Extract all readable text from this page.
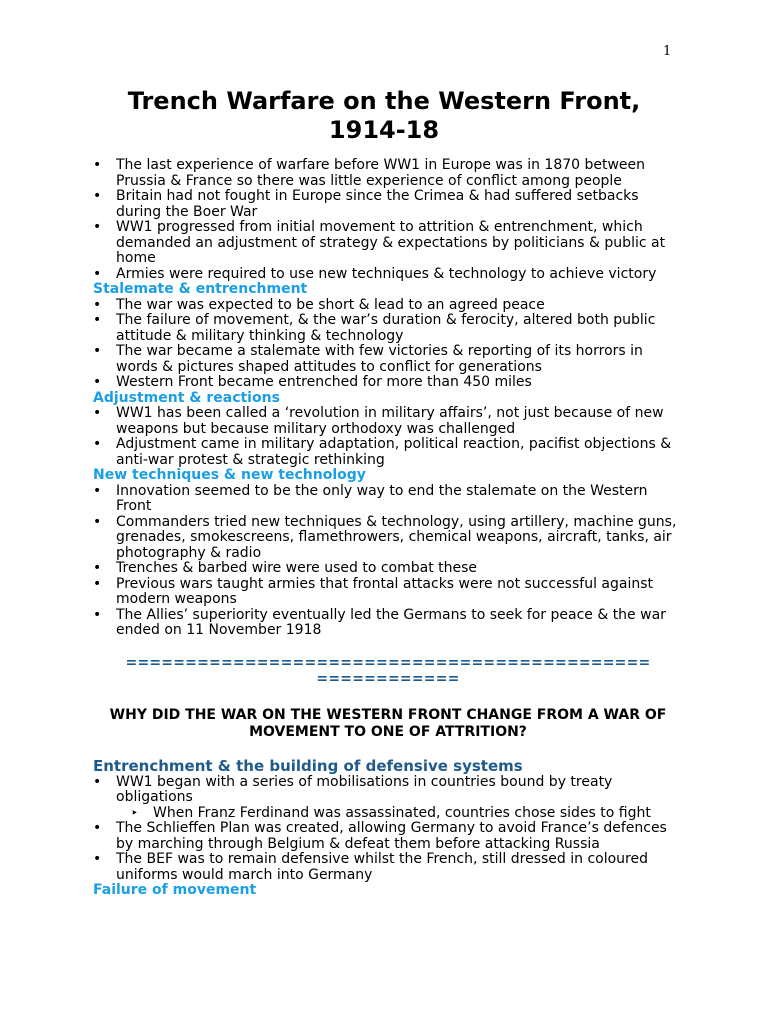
1
Trench Warfare on the Western Front, 1914-18
• The last experience of warfare before WW1 in Europe was in 1870 between Prussia & France so there was little experience of conflict among people
• Britain had not fought in Europe since the Crimea & had suffered setbacks during the Boer War
• WW1 progressed from initial movement to attrition & entrenchment, which demanded an adjustment of strategy & expectations by politicians & public at home
• Armies were required to use new techniques & technology to achieve victory
Stalemate & entrenchment
• The war was expected to be short & lead to an agreed peace
• The failure of movement, & the war’s duration & ferocity, altered both public attitude & military thinking & technology
• The war became a stalemate with few victories & reporting of its horrors in words & pictures shaped attitudes to conflict for generations
• Western Front became entrenched for more than 450 miles
Adjustment & reactions
• WW1 has been called a ‘revolution in military affairs’, not just because of new weapons but because military orthodoxy was challenged
• Adjustment came in military adaptation, political reaction, pacifist objections & anti-war protest & strategic rethinking
New techniques & new technology
• Innovation seemed to be the only way to end the stalemate on the Western Front
• Commanders tried new techniques & technology, using artillery, machine guns, grenades, smokescreens, flamethrowers, chemical weapons, aircraft, tanks, air photography & radio
• Trenches & barbed wire were used to combat these
• Previous wars taught armies that frontal attacks were not successful against modern weapons
• The Allies’ superiority eventually led the Germans to seek for peace & the war ended on 11 November 1918
============================================ ============
WHY DID THE WAR ON THE WESTERN FRONT CHANGE FROM A WAR OF MOVEMENT TO ONE OF ATTRITION?
Entrenchment & the building of defensive systems
• WW1 began with a series of mobilisations in countries bound by treaty obligations
‣ When Franz Ferdinand was assassinated, countries chose sides to fight
• The Schlieffen Plan was created, allowing Germany to avoid France’s defences by marching through Belgium & defeat them before attacking Russia
• The BEF was to remain defensive whilst the French, still dressed in coloured uniforms would march into Germany
Failure of movement
